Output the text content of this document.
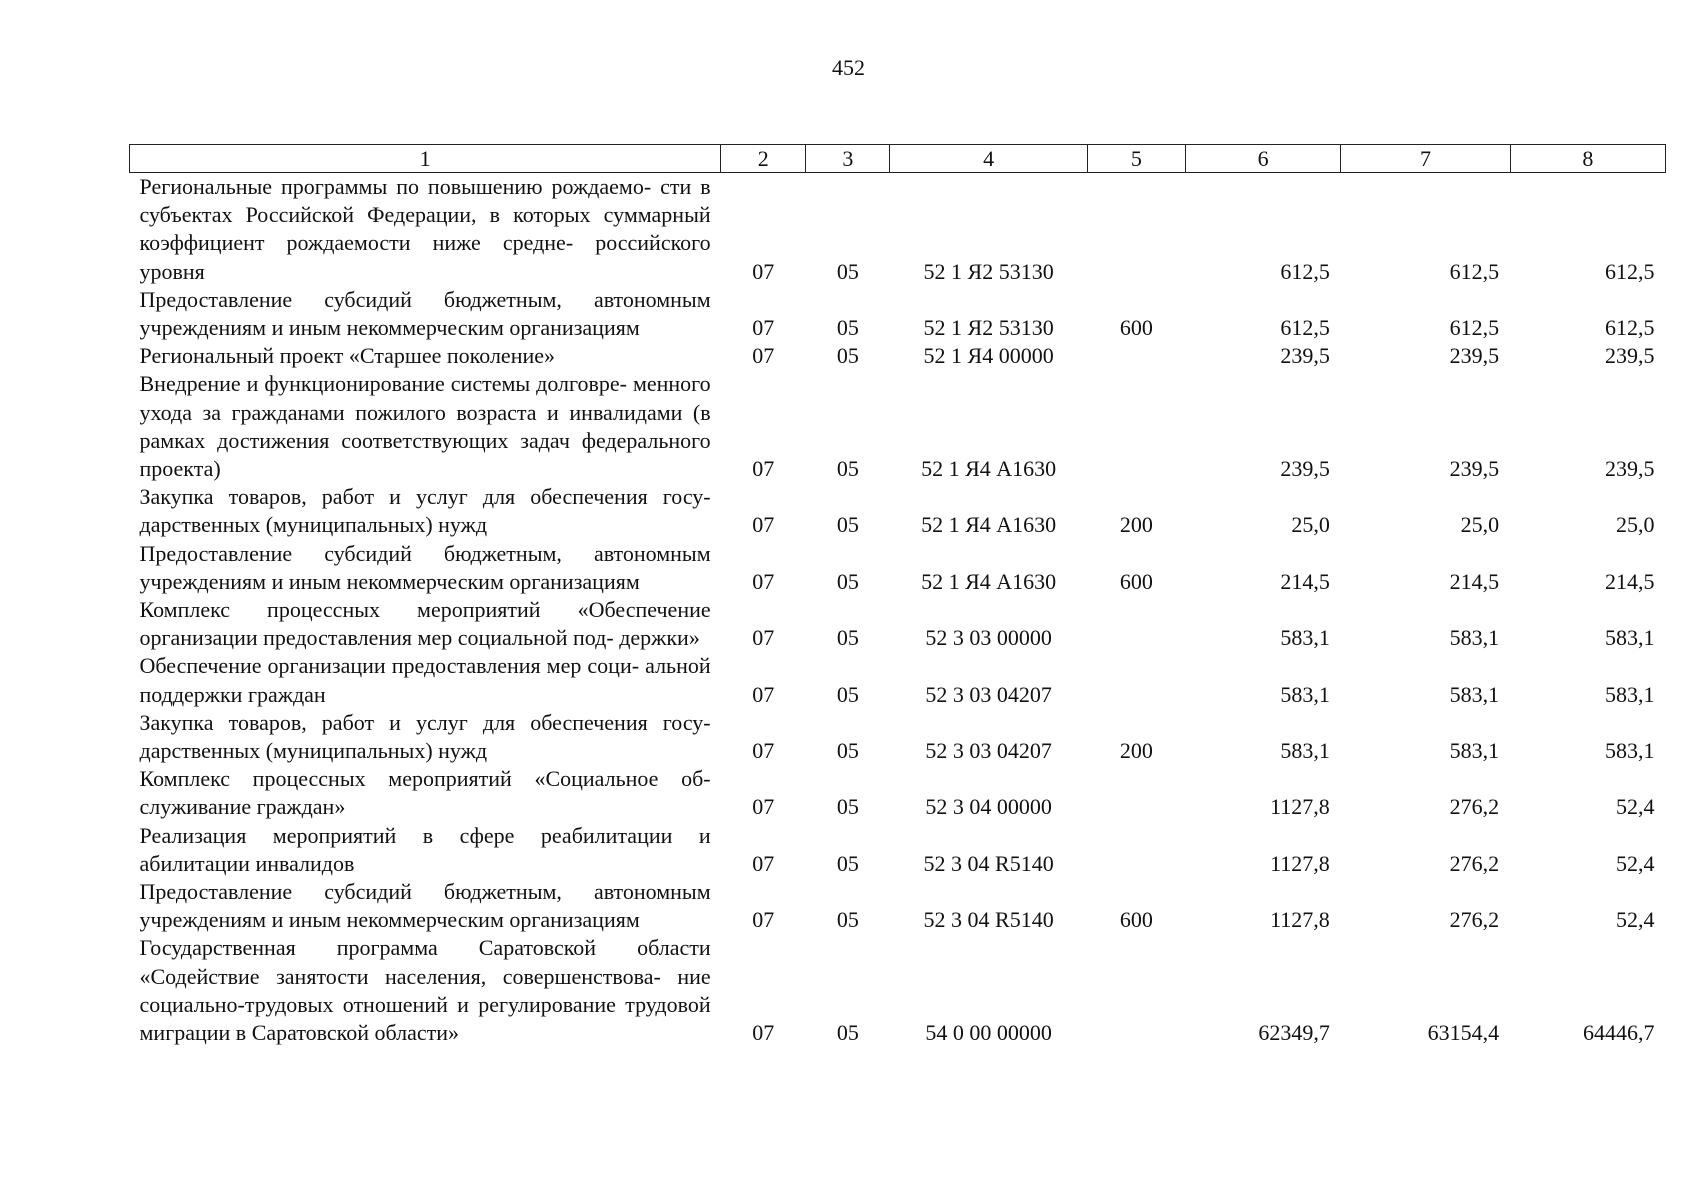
452
1	2	3	4	5	6	7	8
Региональные программы по повышению рождаемо- сти в субъектах Российской Федерации, в которых суммарный коэффициент рождаемости ниже средне- российского уровня	07	05	52 1 Я2 53130		612,5	612,5	612,5
Предоставление субсидий бюджетным, автономным учреждениям и иным некоммерческим организациям	07	05	52 1 Я2 53130	600	612,5	612,5	612,5
Региональный проект «Старшее поколение»	07	05	52 1 Я4 00000		239,5	239,5	239,5
Внедрение и функционирование системы долговре- менного ухода за гражданами пожилого возраста и инвалидами (в рамках достижения соответствующих задач федерального проекта)	07	05	52 1 Я4 А1630		239,5	239,5	239,5
Закупка товаров, работ и услуг для обеспечения госу- дарственных (муниципальных) нужд	07	05	52 1 Я4 А1630	200	25,0	25,0	25,0
Предоставление субсидий бюджетным, автономным учреждениям и иным некоммерческим организациям	07	05	52 1 Я4 А1630	600	214,5	214,5	214,5
Комплекс процессных мероприятий «Обеспечение организации предоставления мер социальной под- держки»	07	05	52 3 03 00000		583,1	583,1	583,1
Обеспечение организации предоставления мер соци- альной поддержки граждан	07	05	52 3 03 04207		583,1	583,1	583,1
Закупка товаров, работ и услуг для обеспечения госу- дарственных (муниципальных) нужд	07	05	52 3 03 04207	200	583,1	583,1	583,1
Комплекс процессных мероприятий «Социальное об- служивание граждан»	07	05	52 3 04 00000		1127,8	276,2	52,4
Реализация мероприятий в сфере реабилитации и абилитации инвалидов	07	05	52 3 04 R5140		1127,8	276,2	52,4
Предоставление субсидий бюджетным, автономным учреждениям и иным некоммерческим организациям	07	05	52 3 04 R5140	600	1127,8	276,2	52,4
Государственная программа Саратовской области «Содействие занятости населения, совершенствова- ние социально-трудовых отношений и регулирование трудовой миграции в Саратовской области»	07	05	54 0 00 00000		62349,7	63154,4	64446,7
